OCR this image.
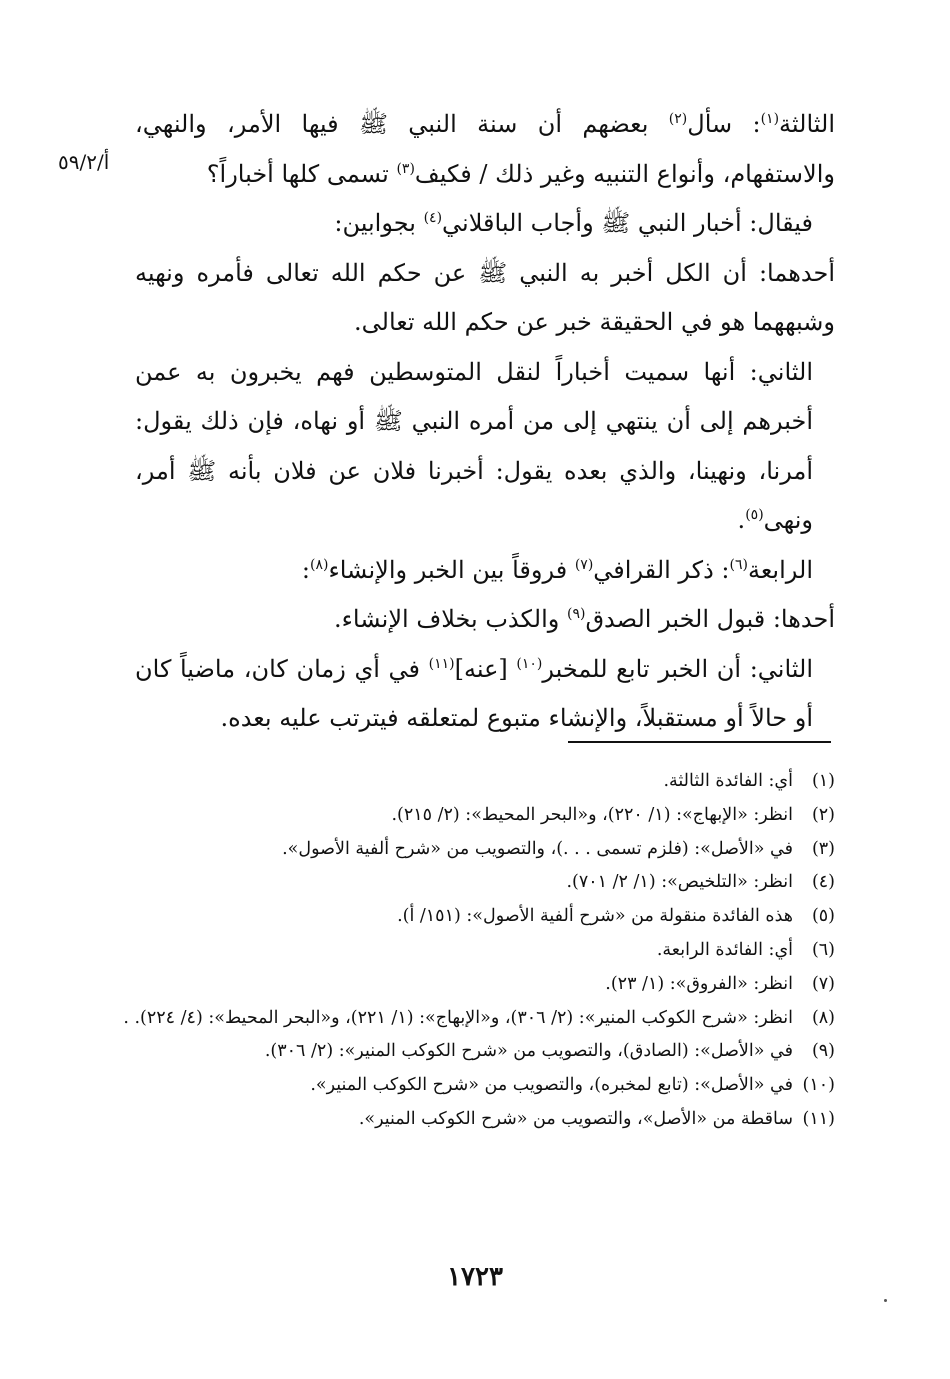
أ/٥٩/٢

الثالثة$^{(١)}$: سأل$^{(٢)}$ بعضهم أن سنة النبي ﷺ فيها الأمر، والنهي، والاستفهام، وأنواع التنبيه وغير ذلك / فكيف$^{(٣)}$ تسمى كلها أخباراً؟

فيقال: أخبار النبي ﷺ وأجاب الباقلاني$^{(٤)}$ بجوابين:

أحدهما: أن الكل أخبر به النبي ﷺ عن حكم الله تعالى فأمره ونهيه وشبههما هو في الحقيقة خبر عن حكم الله تعالى.

الثاني: أنها سميت أخباراً لنقل المتوسطين فهم يخبرون به عمن أخبرهم إلى أن ينتهي إلى من أمره النبي ﷺ أو نهاه، فإن ذلك يقول: أمرنا، ونهينا، والذي بعده يقول: أخبرنا فلان عن فلان بأنه ﷺ أمر، ونهى$^{(٥)}$.

الرابعة$^{(٦)}$: ذكر القرافي$^{(٧)}$ فروقاً بين الخبر والإنشاء$^{(٨)}$:

أحدها: قبول الخبر الصدق$^{(٩)}$ والكذب بخلاف الإنشاء.

الثاني: أن الخبر تابع للمخبر$^{(١٠)}$ [عنه]$^{(١١)}$ في أي زمان كان، ماضياً كان أو حالاً أو مستقبلاً، والإنشاء متبوع لمتعلقه فيترتب عليه بعده.

(١)
أي: الفائدة الثالثة.
(٢)
انظر: «الإبهاج»: (١/ ٢٢٠)، و«البحر المحيط»: (٢/ ٢١٥).
(٣)
في «الأصل»: (فلزم تسمى . . .)، والتصويب من «شرح ألفية الأصول».
(٤)
انظر: «التلخيص»: (١/ ٢/ ٧٠١).
(٥)
هذه الفائدة منقولة من «شرح ألفية الأصول»: (١٥١/ أ).
(٦)
أي: الفائدة الرابعة.
(٧)
انظر: «الفروق»: (١/ ٢٣).
(٨)
انظر: «شرح الكوكب المنير»: (٢/ ٣٠٦)، و«الإبهاج»: (١/ ٢٢١)، و«البحر المحيط»: (٤/ ٢٢٤). .
(٩)
في «الأصل»: (الصادق)، والتصويب من «شرح الكوكب المنير»: (٢/ ٣٠٦).
(١٠)
في «الأصل»: (تابع لمخبره)، والتصويب من «شرح الكوكب المنير».
(١١)
ساقطة من «الأصل»، والتصويب من «شرح الكوكب المنير».
١٧٢٣
